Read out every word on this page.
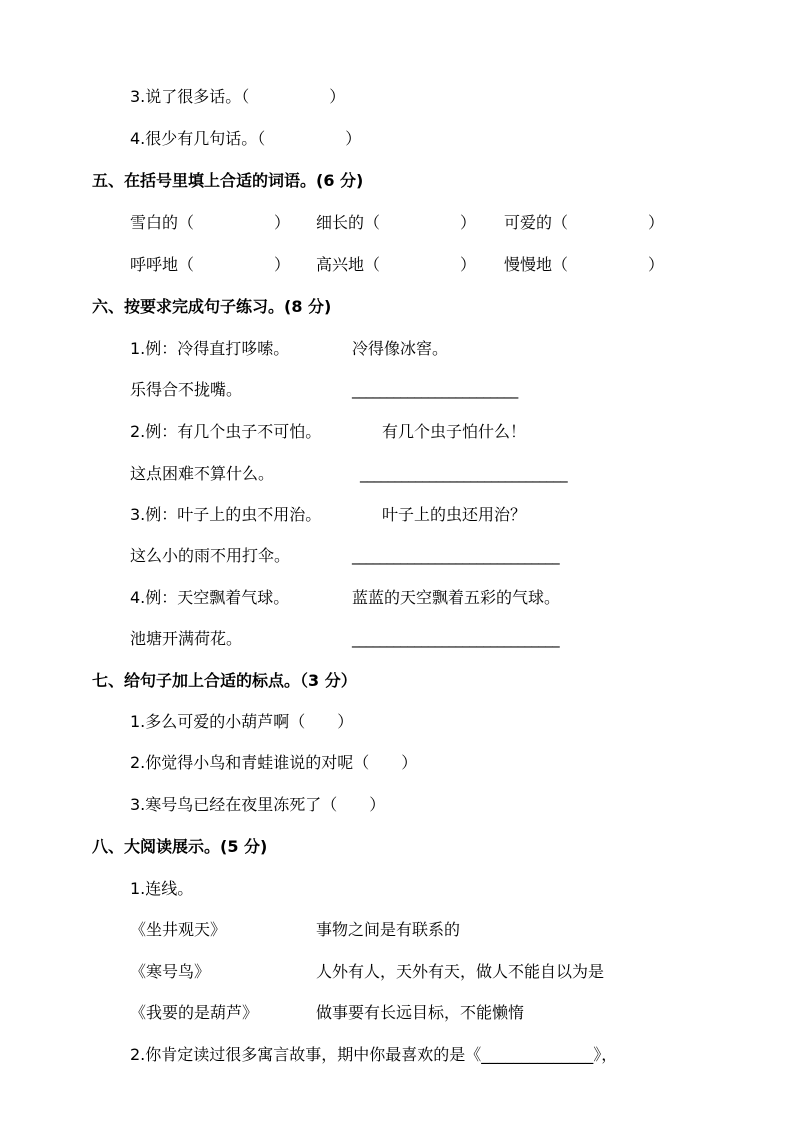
3.说了很多话。（　　　　　）
4.很少有几句话。（　　　　　）
五、在括号里填上合适的词语。(6 分)
雪白的（　　　　　） 细长的（　　　　　） 可爱的（　　　　　）
呼呼地（　　　　　） 高兴地（　　　　　） 慢慢地（　　　　　）
六、按要求完成句子练习。(8 分)
1.例：冷得直打哆嗦。	冷得像冰窖。
乐得合不拢嘴。	________________________
2.例：有几个虫子不可怕。	有几个虫子怕什么！
这点困难不算什么。	______________________________
3.例：叶子上的虫不用治。	叶子上的虫还用治？
这么小的雨不用打伞。	______________________________
4.例：天空飘着气球。	蓝蓝的天空飘着五彩的气球。
池塘开满荷花。	______________________________
七、给句子加上合适的标点。（3 分）
1.多么可爱的小葫芦啊（　　）
2.你觉得小鸟和青蛙谁说的对呢（　　）
3.寒号鸟已经在夜里冻死了（　　）
八、大阅读展示。(5 分)
1.连线。
《坐井观天》	事物之间是有联系的
《寒号鸟》	人外有人，天外有天，做人不能自以为是
《我要的是葫芦》	做事要有长远目标，不能懒惰
2.你肯定读过很多寓言故事，期中你最喜欢的是《______________》，
